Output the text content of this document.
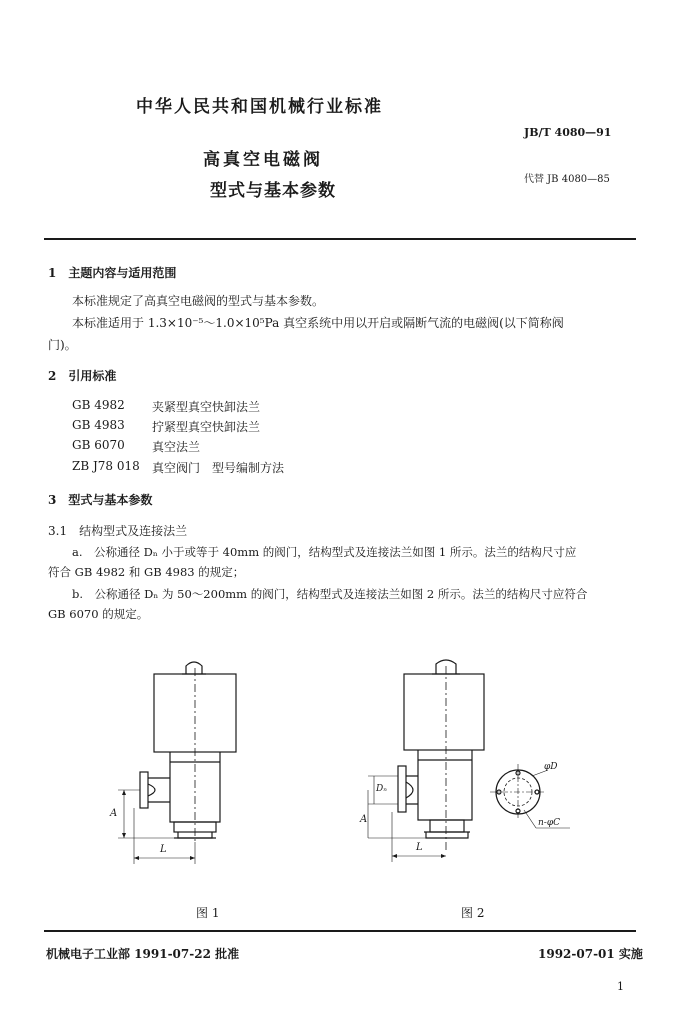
中华人民共和国机械行业标准
JB/T 4080—91
高真空电磁阀
代替 JB 4080—85
型式与基本参数
1　主题内容与适用范围
本标准规定了高真空电磁阀的型式与基本参数。
本标准适用于 1.3×10⁻⁵～1.0×10⁵Pa 真空系统中用以开启或隔断气流的电磁阀(以下简称阀
门)。
2　引用标准
GB 4982 夹紧型真空快卸法兰
GB 4983 拧紧型真空快卸法兰
GB 6070 真空法兰
ZB J78 018 真空阀门　型号编制方法
3　型式与基本参数
3.1　结构型式及连接法兰
a.　公称通径 Dₙ 小于或等于 40mm 的阀门，结构型式及连接法兰如图 1 所示。法兰的结构尺寸应
符合 GB 4982 和 GB 4983 的规定；
b.　公称通径 Dₙ 为 50～200mm 的阀门，结构型式及连接法兰如图 2 所示。法兰的结构尺寸应符合
GB 6070 的规定。
A
L
图 1
Dₙ
A
L
φD
n-φC
图 2
机械电子工业部 1991-07-22 批准	1992-07-01 实施
1
